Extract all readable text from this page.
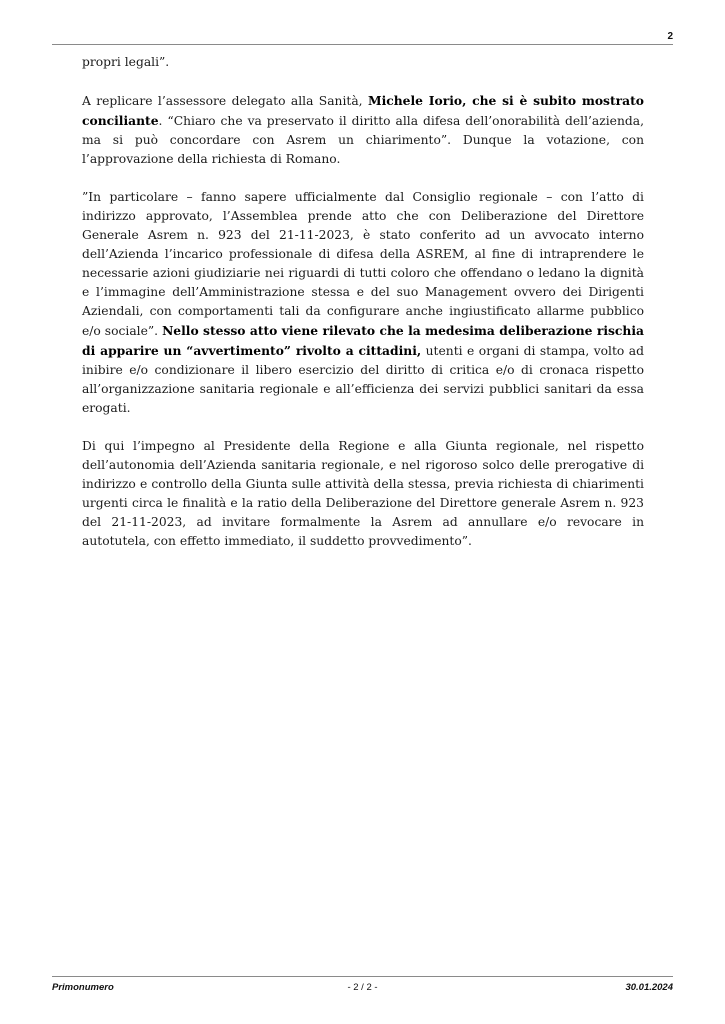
2

propri legali”.

A replicare l’assessore delegato alla Sanità, Michele Iorio, che si è subito mostrato conciliante. “Chiaro che va preservato il diritto alla difesa dell’onorabilità dell’azienda, ma si può concordare con Asrem un chiarimento”. Dunque la votazione, con l’approvazione della richiesta di Romano.

”In particolare – fanno sapere ufficialmente dal Consiglio regionale – con l’atto di indirizzo approvato, l’Assemblea prende atto che con Deliberazione del Direttore Generale Asrem n. 923 del 21-11-2023, è stato conferito ad un avvocato interno dell’Azienda l’incarico professionale di difesa della ASREM, al fine di intraprendere le necessarie azioni giudiziarie nei riguardi di tutti coloro che offendano o ledano la dignità e l’immagine dell’Amministrazione stessa e del suo Management ovvero dei Dirigenti Aziendali, con comportamenti tali da configurare anche ingiustificato allarme pubblico e/o sociale”. Nello stesso atto viene rilevato che la medesima deliberazione rischia di apparire un “avvertimento” rivolto a cittadini, utenti e organi di stampa, volto ad inibire e/o condizionare il libero esercizio del diritto di critica e/o di cronaca rispetto all’organizzazione sanitaria regionale e all’efficienza dei servizi pubblici sanitari da essa erogati.

Di qui l’impegno al Presidente della Regione e alla Giunta regionale, nel rispetto dell’autonomia dell’Azienda sanitaria regionale, e nel rigoroso solco delle prerogative di indirizzo e controllo della Giunta sulle attività della stessa, previa richiesta di chiarimenti urgenti circa le finalità e la ratio della Deliberazione del Direttore generale Asrem n. 923 del 21-11-2023, ad invitare formalmente la Asrem ad annullare e/o revocare in autotutela, con effetto immediato, il suddetto provvedimento”.

Primonumero	- 2 / 2 -	30.01.2024
